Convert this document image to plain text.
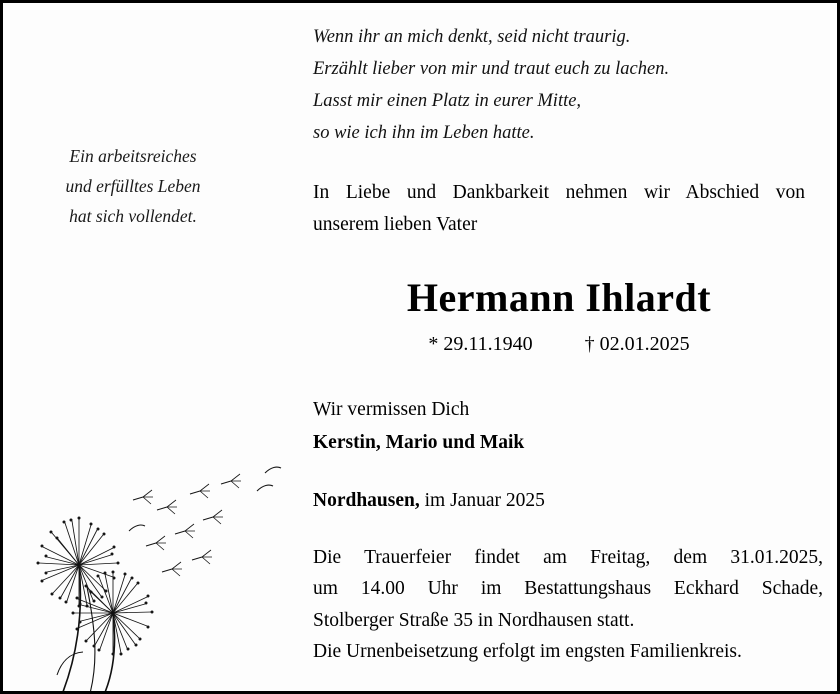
Ein arbeitsreiches
und erfülltes Leben
hat sich vollendet.
Wenn ihr an mich denkt, seid nicht traurig.
Erzählt lieber von mir und traut euch zu lachen.
Lasst mir einen Platz in eurer Mitte,
so wie ich ihn im Leben hatte.
In Liebe und Dankbarkeit nehmen wir Abschied von
unserem lieben Vater
Hermann Ihlardt
* 29.11.1940	† 02.01.2025
Wir vermissen Dich
Kerstin, Mario und Maik
Nordhausen, im Januar 2025
Die Trauerfeier findet am Freitag, dem 31.01.2025,
um 14.00 Uhr im Bestattungshaus Eckhard Schade,
Stolberger Straße 35 in Nordhausen statt.
Die Urnenbeisetzung erfolgt im engsten Familienkreis.
